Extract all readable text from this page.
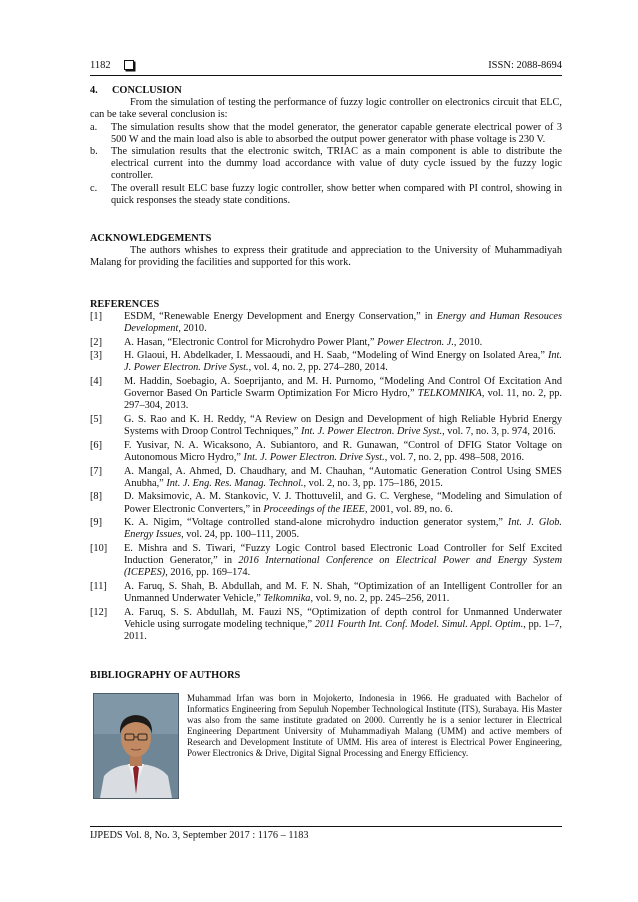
1182	ISSN: 2088-8694

4. CONCLUSION

From the simulation of testing the performance of fuzzy logic controller on electronics circuit that ELC, can be take several conclusion is:

a.	The simulation results show that the model generator, the generator capable generate electrical power of 3 500 W and the main load also is able to absorbed the output power generator with phase voltage is 230 V.
b.	The simulation results that the electronic switch, TRIAC as a main component is able to distribute the electrical current into the dummy load accordance with value of duty cycle issued by the fuzzy logic controller.
c.	The overall result ELC base fuzzy logic controller, show better when compared with PI control, showing in quick responses the steady state conditions.

ACKNOWLEDGEMENTS

The authors whishes to express their gratitude and appreciation to the University of Muhammadiyah Malang for providing the facilities and supported for this work.

REFERENCES

[1]	ESDM, “Renewable Energy Development and Energy Conservation,” in Energy and Human Resouces Development, 2010.
[2]	A. Hasan, “Electronic Control for Microhydro Power Plant,” Power Electron. J., 2010.
[3]	H. Glaoui, H. Abdelkader, I. Messaoudi, and H. Saab, “Modeling of Wind Energy on Isolated Area,” Int. J. Power Electron. Drive Syst., vol. 4, no. 2, pp. 274–280, 2014.
[4]	M. Haddin, Soebagio, A. Soeprijanto, and M. H. Purnomo, “Modeling And Control Of Excitation And Governor Based On Particle Swarm Optimization For Micro Hydro,” TELKOMNIKA, vol. 11, no. 2, pp. 297–304, 2013.
[5]	G. S. Rao and K. H. Reddy, “A Review on Design and Development of high Reliable Hybrid Energy Systems with Droop Control Techniques,” Int. J. Power Electron. Drive Syst., vol. 7, no. 3, p. 974, 2016.
[6]	F. Yusivar, N. A. Wicaksono, A. Subiantoro, and R. Gunawan, “Control of DFIG Stator Voltage on Autonomous Micro Hydro,” Int. J. Power Electron. Drive Syst., vol. 7, no. 2, pp. 498–508, 2016.
[7]	A. Mangal, A. Ahmed, D. Chaudhary, and M. Chauhan, “Automatic Generation Control Using SMES Anubha,” Int. J. Eng. Res. Manag. Technol., vol. 2, no. 3, pp. 175–186, 2015.
[8]	D. Maksimovic, A. M. Stankovic, V. J. Thottuvelil, and G. C. Verghese, “Modeling and Simulation of Power Electronic Converters,” in Proceedings of the IEEE, 2001, vol. 89, no. 6.
[9]	K. A. Nigim, “Voltage controlled stand-alone microhydro induction generator system,” Int. J. Glob. Energy Issues, vol. 24, pp. 100–111, 2005.
[10]	E. Mishra and S. Tiwari, “Fuzzy Logic Control based Electronic Load Controller for Self Excited Induction Generator,” in 2016 International Conference on Electrical Power and Energy System (ICEPES), 2016, pp. 169–174.
[11]	A. Faruq, S. Shah, B. Abdullah, and M. F. N. Shah, “Optimization of an Intelligent Controller for an Unmanned Underwater Vehicle,” Telkomnika, vol. 9, no. 2, pp. 245–256, 2011.
[12]	A. Faruq, S. S. Abdullah, M. Fauzi NS, “Optimization of depth control for Unmanned Underwater Vehicle using surrogate modeling technique,” 2011 Fourth Int. Conf. Model. Simul. Appl. Optim., pp. 1–7, 2011.

BIBLIOGRAPHY OF AUTHORS

Muhammad Irfan was born in Mojokerto, Indonesia in 1966. He graduated with Bachelor of Informatics Engineering from Sepuluh Nopember Technological Institute (ITS), Surabaya. His Master was also from the same institute gradated on 2000. Currently he is a senior lecturer in Electrical Engineering Department University of Muhammadiyah Malang (UMM) and active members of Research and Development Institute of UMM. His area of interest is Electrical Power Engineering, Power Electronics & Drive, Digital Signal Processing and Energy Efficiency.
IJPEDS Vol. 8, No. 3, September 2017 : 1176 – 1183
